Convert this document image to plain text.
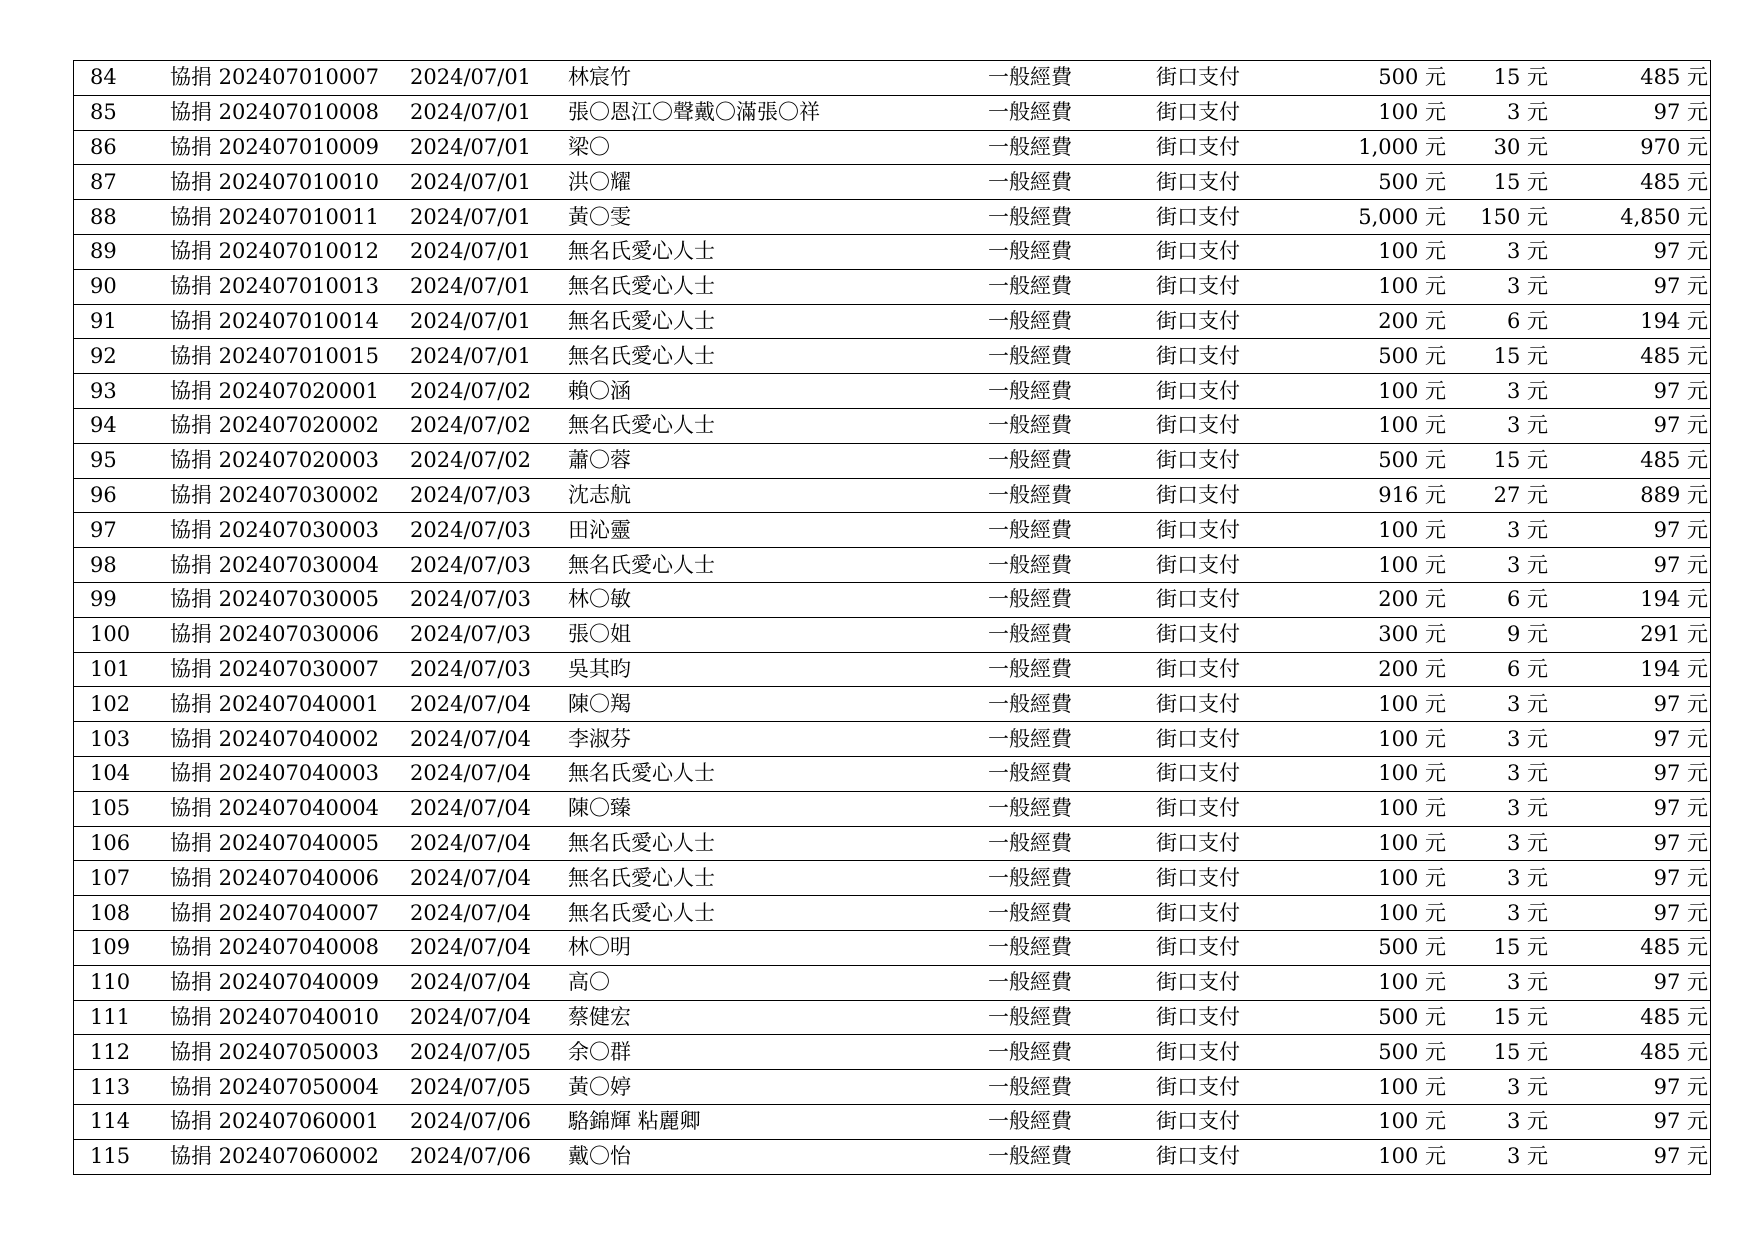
84	協捐 202407010007	2024/07/01	林宸竹	一般經費	街口支付	500 元	15 元	485 元
85	協捐 202407010008	2024/07/01	張〇恩江〇聲戴〇滿張〇祥	一般經費	街口支付	100 元	3 元	97 元
86	協捐 202407010009	2024/07/01	梁〇	一般經費	街口支付	1,000 元	30 元	970 元
87	協捐 202407010010	2024/07/01	洪〇耀	一般經費	街口支付	500 元	15 元	485 元
88	協捐 202407010011	2024/07/01	黃〇雯	一般經費	街口支付	5,000 元	150 元	4,850 元
89	協捐 202407010012	2024/07/01	無名氏愛心人士	一般經費	街口支付	100 元	3 元	97 元
90	協捐 202407010013	2024/07/01	無名氏愛心人士	一般經費	街口支付	100 元	3 元	97 元
91	協捐 202407010014	2024/07/01	無名氏愛心人士	一般經費	街口支付	200 元	6 元	194 元
92	協捐 202407010015	2024/07/01	無名氏愛心人士	一般經費	街口支付	500 元	15 元	485 元
93	協捐 202407020001	2024/07/02	賴〇涵	一般經費	街口支付	100 元	3 元	97 元
94	協捐 202407020002	2024/07/02	無名氏愛心人士	一般經費	街口支付	100 元	3 元	97 元
95	協捐 202407020003	2024/07/02	蕭〇蓉	一般經費	街口支付	500 元	15 元	485 元
96	協捐 202407030002	2024/07/03	沈志航	一般經費	街口支付	916 元	27 元	889 元
97	協捐 202407030003	2024/07/03	田沁靈	一般經費	街口支付	100 元	3 元	97 元
98	協捐 202407030004	2024/07/03	無名氏愛心人士	一般經費	街口支付	100 元	3 元	97 元
99	協捐 202407030005	2024/07/03	林〇敏	一般經費	街口支付	200 元	6 元	194 元
100	協捐 202407030006	2024/07/03	張〇姐	一般經費	街口支付	300 元	9 元	291 元
101	協捐 202407030007	2024/07/03	吳其昀	一般經費	街口支付	200 元	6 元	194 元
102	協捐 202407040001	2024/07/04	陳〇羯	一般經費	街口支付	100 元	3 元	97 元
103	協捐 202407040002	2024/07/04	李淑芬	一般經費	街口支付	100 元	3 元	97 元
104	協捐 202407040003	2024/07/04	無名氏愛心人士	一般經費	街口支付	100 元	3 元	97 元
105	協捐 202407040004	2024/07/04	陳〇臻	一般經費	街口支付	100 元	3 元	97 元
106	協捐 202407040005	2024/07/04	無名氏愛心人士	一般經費	街口支付	100 元	3 元	97 元
107	協捐 202407040006	2024/07/04	無名氏愛心人士	一般經費	街口支付	100 元	3 元	97 元
108	協捐 202407040007	2024/07/04	無名氏愛心人士	一般經費	街口支付	100 元	3 元	97 元
109	協捐 202407040008	2024/07/04	林〇明	一般經費	街口支付	500 元	15 元	485 元
110	協捐 202407040009	2024/07/04	高〇	一般經費	街口支付	100 元	3 元	97 元
111	協捐 202407040010	2024/07/04	蔡健宏	一般經費	街口支付	500 元	15 元	485 元
112	協捐 202407050003	2024/07/05	余〇群	一般經費	街口支付	500 元	15 元	485 元
113	協捐 202407050004	2024/07/05	黃〇婷	一般經費	街口支付	100 元	3 元	97 元
114	協捐 202407060001	2024/07/06	駱錦輝 粘麗卿	一般經費	街口支付	100 元	3 元	97 元
115	協捐 202407060002	2024/07/06	戴〇怡	一般經費	街口支付	100 元	3 元	97 元
